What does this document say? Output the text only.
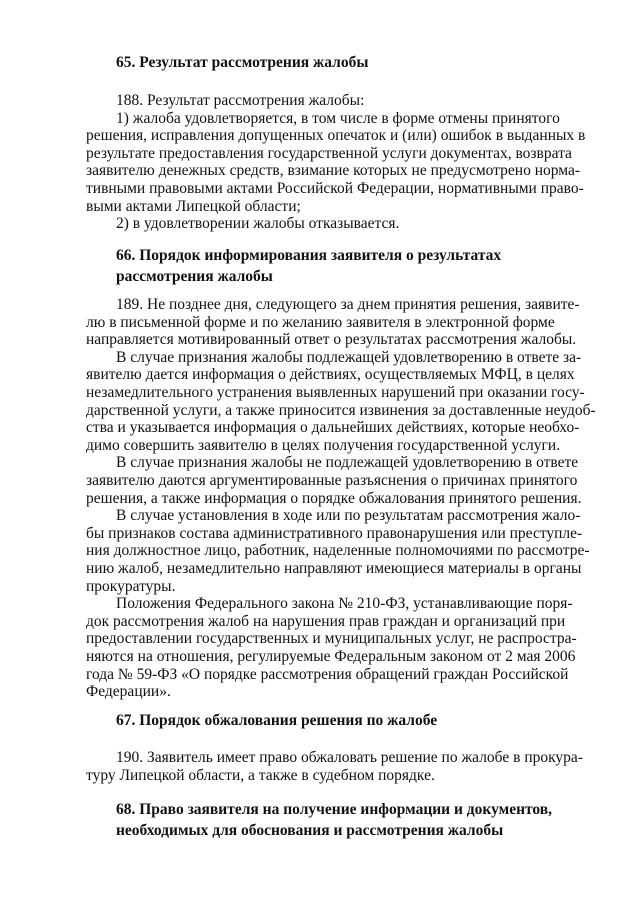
65. Результат рассмотрения жалобы

188. Результат рассмотрения жалобы:
1) жалоба удовлетворяется, в том числе в форме отмены принятого

решения, исправления допущенных опечаток и (или) ошибок в выданных в
результате предоставления государственной услуги документах, возврата
заявителю денежных средств, взимание которых не предусмотрено норма-
тивными правовыми актами Российской Федерации, нормативными право-
выми актами Липецкой области;

2) в удовлетворении жалобы отказывается.

66. Порядок информирования заявителя о результатах
рассмотрения жалобы

189. Не позднее дня, следующего за днем принятия решения, заявите-

лю в письменной форме и по желанию заявителя в электронной форме
направляется мотивированный ответ о результатах рассмотрения жалобы.

В случае признания жалобы подлежащей удовлетворению в ответе за-

явителю дается информация о действиях, осуществляемых МФЦ, в целях
незамедлительного устранения выявленных нарушений при оказании госу-
дарственной услуги, а также приносится извинения за доставленные неудоб-
ства и указывается информация о дальнейших действиях, которые необхо-
димо совершить заявителю в целях получения государственной услуги.

В случае признания жалобы не подлежащей удовлетворению в ответе

заявителю даются аргументированные разъяснения о причинах принятого
решения, а также информация о порядке обжалования принятого решения.

В случае установления в ходе или по результатам рассмотрения жало-

бы признаков состава административного правонарушения или преступле-
ния должностное лицо, работник, наделенные полномочиями по рассмотре-
нию жалоб, незамедлительно направляют имеющиеся материалы в органы
прокуратуры.

Положения Федерального закона № 210-ФЗ, устанавливающие поря-

док рассмотрения жалоб на нарушения прав граждан и организаций при
предоставлении государственных и муниципальных услуг, не распростра-
няются на отношения, регулируемые Федеральным законом от 2 мая 2006
года № 59-ФЗ «О порядке рассмотрения обращений граждан Российской
Федерации».

67. Порядок обжалования решения по жалобе

190. Заявитель имеет право обжаловать решение по жалобе в прокура-

туру Липецкой области, а также в судебном порядке.

68. Право заявителя на получение информации и документов,
необходимых для обоснования и рассмотрения жалобы
